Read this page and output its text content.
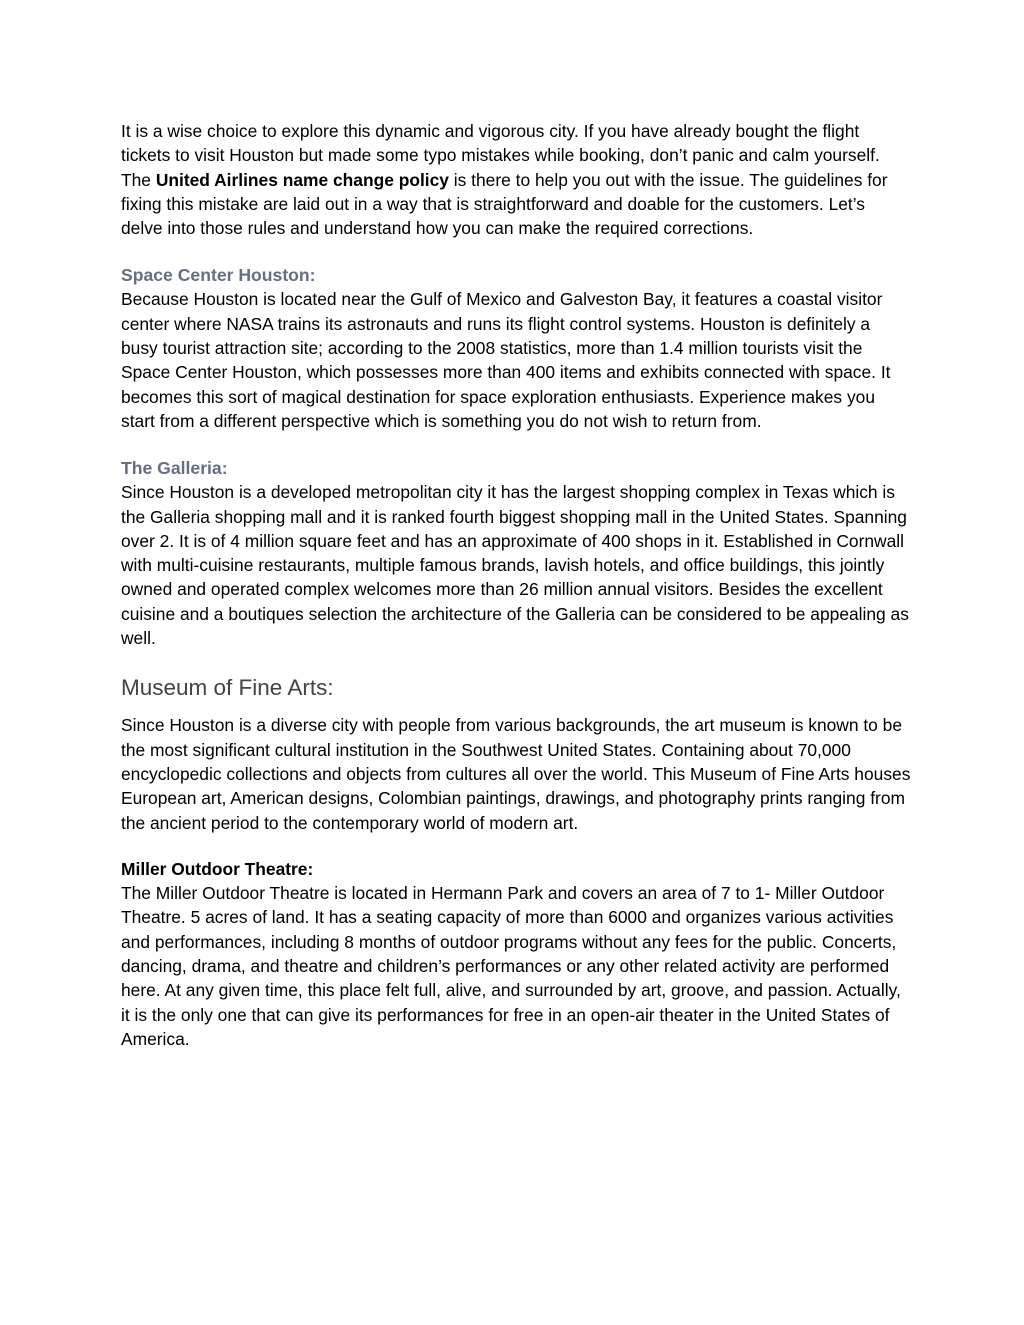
It is a wise choice to explore this dynamic and vigorous city. If you have already bought the flight tickets to visit Houston but made some typo mistakes while booking, don’t panic and calm yourself. The United Airlines name change policy is there to help you out with the issue. The guidelines for fixing this mistake are laid out in a way that is straightforward and doable for the customers. Let’s delve into those rules and understand how you can make the required corrections.

Space Center Houston:

Because Houston is located near the Gulf of Mexico and Galveston Bay, it features a coastal visitor center where NASA trains its astronauts and runs its flight control systems. Houston is definitely a busy tourist attraction site; according to the 2008 statistics, more than 1.4 million tourists visit the Space Center Houston, which possesses more than 400 items and exhibits connected with space. It becomes this sort of magical destination for space exploration enthusiasts. Experience makes you start from a different perspective which is something you do not wish to return from.

The Galleria:

Since Houston is a developed metropolitan city it has the largest shopping complex in Texas which is the Galleria shopping mall and it is ranked fourth biggest shopping mall in the United States. Spanning over 2. It is of 4 million square feet and has an approximate of 400 shops in it. Established in Cornwall with multi-cuisine restaurants, multiple famous brands, lavish hotels, and office buildings, this jointly owned and operated complex welcomes more than 26 million annual visitors. Besides the excellent cuisine and a boutiques selection the architecture of the Galleria can be considered to be appealing as well.

Museum of Fine Arts:

Since Houston is a diverse city with people from various backgrounds, the art museum is known to be the most significant cultural institution in the Southwest United States. Containing about 70,000 encyclopedic collections and objects from cultures all over the world. This Museum of Fine Arts houses European art, American designs, Colombian paintings, drawings, and photography prints ranging from the ancient period to the contemporary world of modern art.

Miller Outdoor Theatre:

The Miller Outdoor Theatre is located in Hermann Park and covers an area of 7 to 1- Miller Outdoor Theatre. 5 acres of land. It has a seating capacity of more than 6000 and organizes various activities and performances, including 8 months of outdoor programs without any fees for the public. Concerts, dancing, drama, and theatre and children’s performances or any other related activity are performed here. At any given time, this place felt full, alive, and surrounded by art, groove, and passion. Actually, it is the only one that can give its performances for free in an open-air theater in the United States of America.
